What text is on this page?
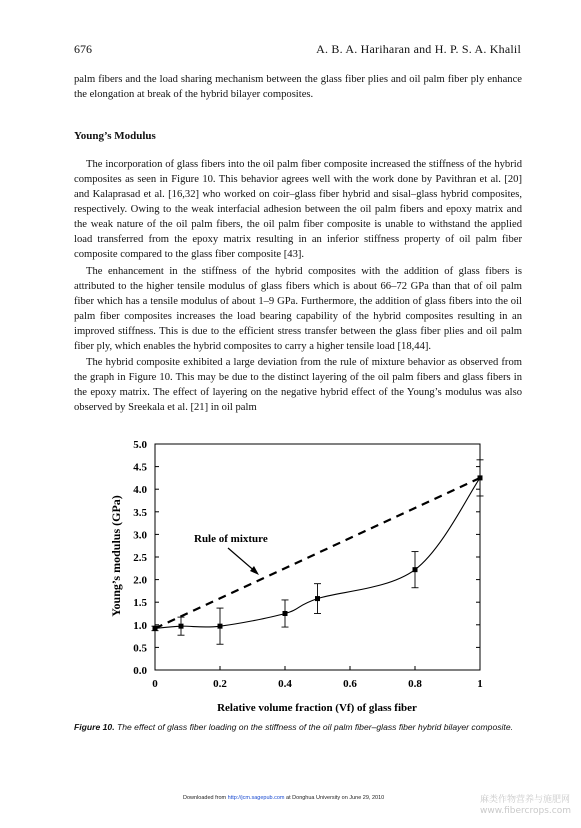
676	A. B. A. Hariharan and H. P. S. A. Khalil

palm fibers and the load sharing mechanism between the glass fiber plies and oil palm fiber ply enhance the elongation at break of the hybrid bilayer composites.

Young’s Modulus

The incorporation of glass fibers into the oil palm fiber composite increased the stiffness of the hybrid composites as seen in Figure 10. This behavior agrees well with the work done by Pavithran et al. [20] and Kalaprasad et al. [16,32] who worked on coir–glass fiber hybrid and sisal–glass hybrid composites, respectively. Owing to the weak interfacial adhesion between the oil palm fibers and epoxy matrix and the weak nature of the oil palm fibers, the oil palm fiber composite is unable to withstand the applied load transferred from the epoxy matrix resulting in an inferior stiffness property of oil palm fiber composite compared to the glass fiber composite [43].

The enhancement in the stiffness of the hybrid composites with the addition of glass fibers is attributed to the higher tensile modulus of glass fibers which is about 66–72 GPa than that of oil palm fiber which has a tensile modulus of about 1–9 GPa. Furthermore, the addition of glass fibers into the oil palm fiber composites increases the load bearing capability of the hybrid composites resulting in an improved stiffness. This is due to the efficient stress transfer between the glass fiber plies and oil palm fiber ply, which enables the hybrid composites to carry a higher tensile load [18,44].

The hybrid composite exhibited a large deviation from the rule of mixture behavior as observed from the graph in Figure 10. This may be due to the distinct layering of the oil palm fibers and glass fibers in the epoxy matrix. The effect of layering on the negative hybrid effect of the Young’s modulus was also observed by Sreekala et al. [21] in oil palm

0.0
0.5
1.0
1.5
2.0
2.5
3.0
3.5
4.0
4.5
5.0
0	0.2	0.4	0.6	0.8	1
Young’s modulus (GPa)
Relative volume fraction (Vf) of glass fiber
Rule of mixture
Figure 10. The effect of glass fiber loading on the stiffness of the oil palm fiber–glass fiber hybrid bilayer composite.
Downloaded from http://jcm.sagepub.com at Donghua University on June 29, 2010	麻类作物营养与施肥网
www.fibercrops.com
